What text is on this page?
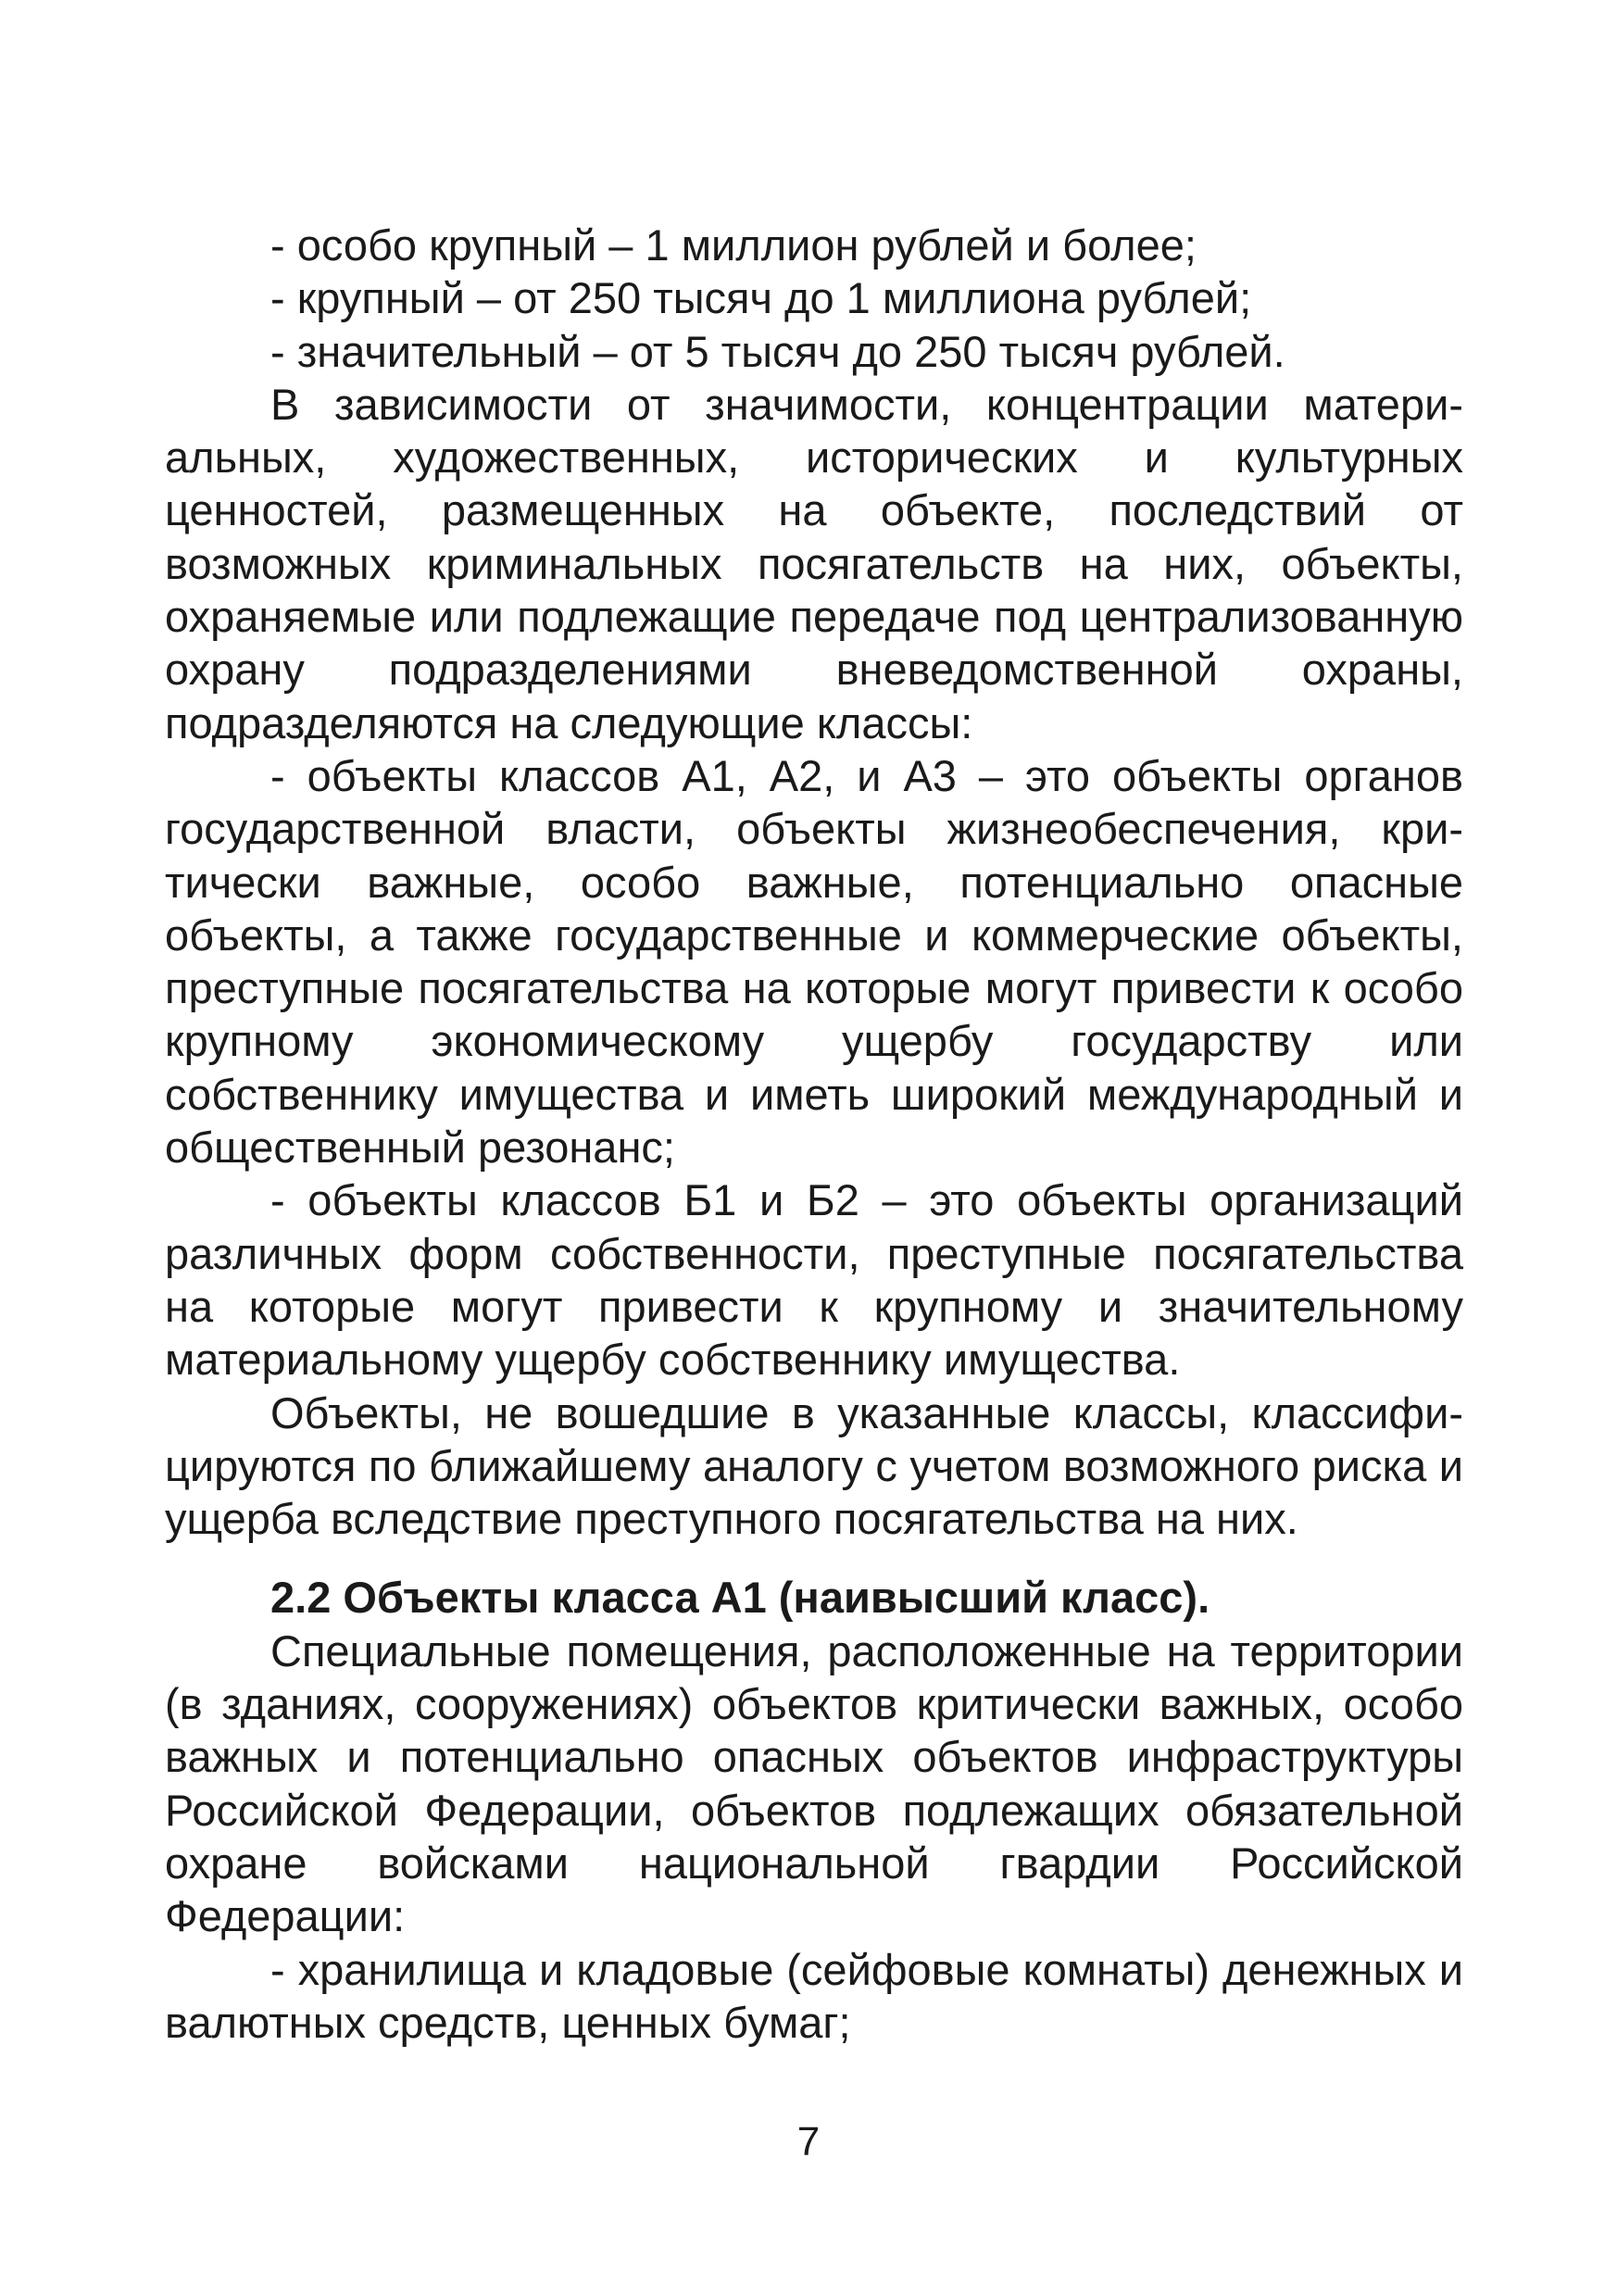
- особо крупный – 1 миллион рублей и более;

- крупный – от 250 тысяч до 1 миллиона рублей;

- значительный – от 5 тысяч до 250 тысяч рублей.

В зависимости от значимости, концентрации материальных, художественных, исторических и культурных ценностей, размещенных на объекте, последствий от возможных криминальных посягательств на них, объекты, охраняемые или подлежащие передаче под централизованную охрану подразделениями вневедомственной охраны, подразделяются на следующие классы:

- объекты классов А1, А2, и А3 – это объекты органов государственной власти, объекты жизнеобеспечения, критически важные, особо важные, потенциально опасные объекты, а также государственные и коммерческие объекты, преступные посягательства на которые могут привести к особо крупному экономическому ущербу государству или собственнику имущества и иметь широкий международный и общественный резонанс;

- объекты классов Б1 и Б2 – это объекты организаций различных форм собственности, преступные посягательства на которые могут привести к крупному и значительному материальному ущербу собственнику имущества.

Объекты, не вошедшие в указанные классы, классифицируются по ближайшему аналогу с учетом возможного риска и ущерба вследствие преступного посягательства на них.

2.2 Объекты класса А1 (наивысший класс).

Специальные помещения, расположенные на территории (в зданиях, сооружениях) объектов критически важных, особо важных и потенциально опасных объектов инфраструктуры Российской Федерации, объектов подлежащих обязательной охране войсками национальной гвардии Российской Федерации:

- хранилища и кладовые (сейфовые комнаты) денежных и валютных средств, ценных бумаг;

7
